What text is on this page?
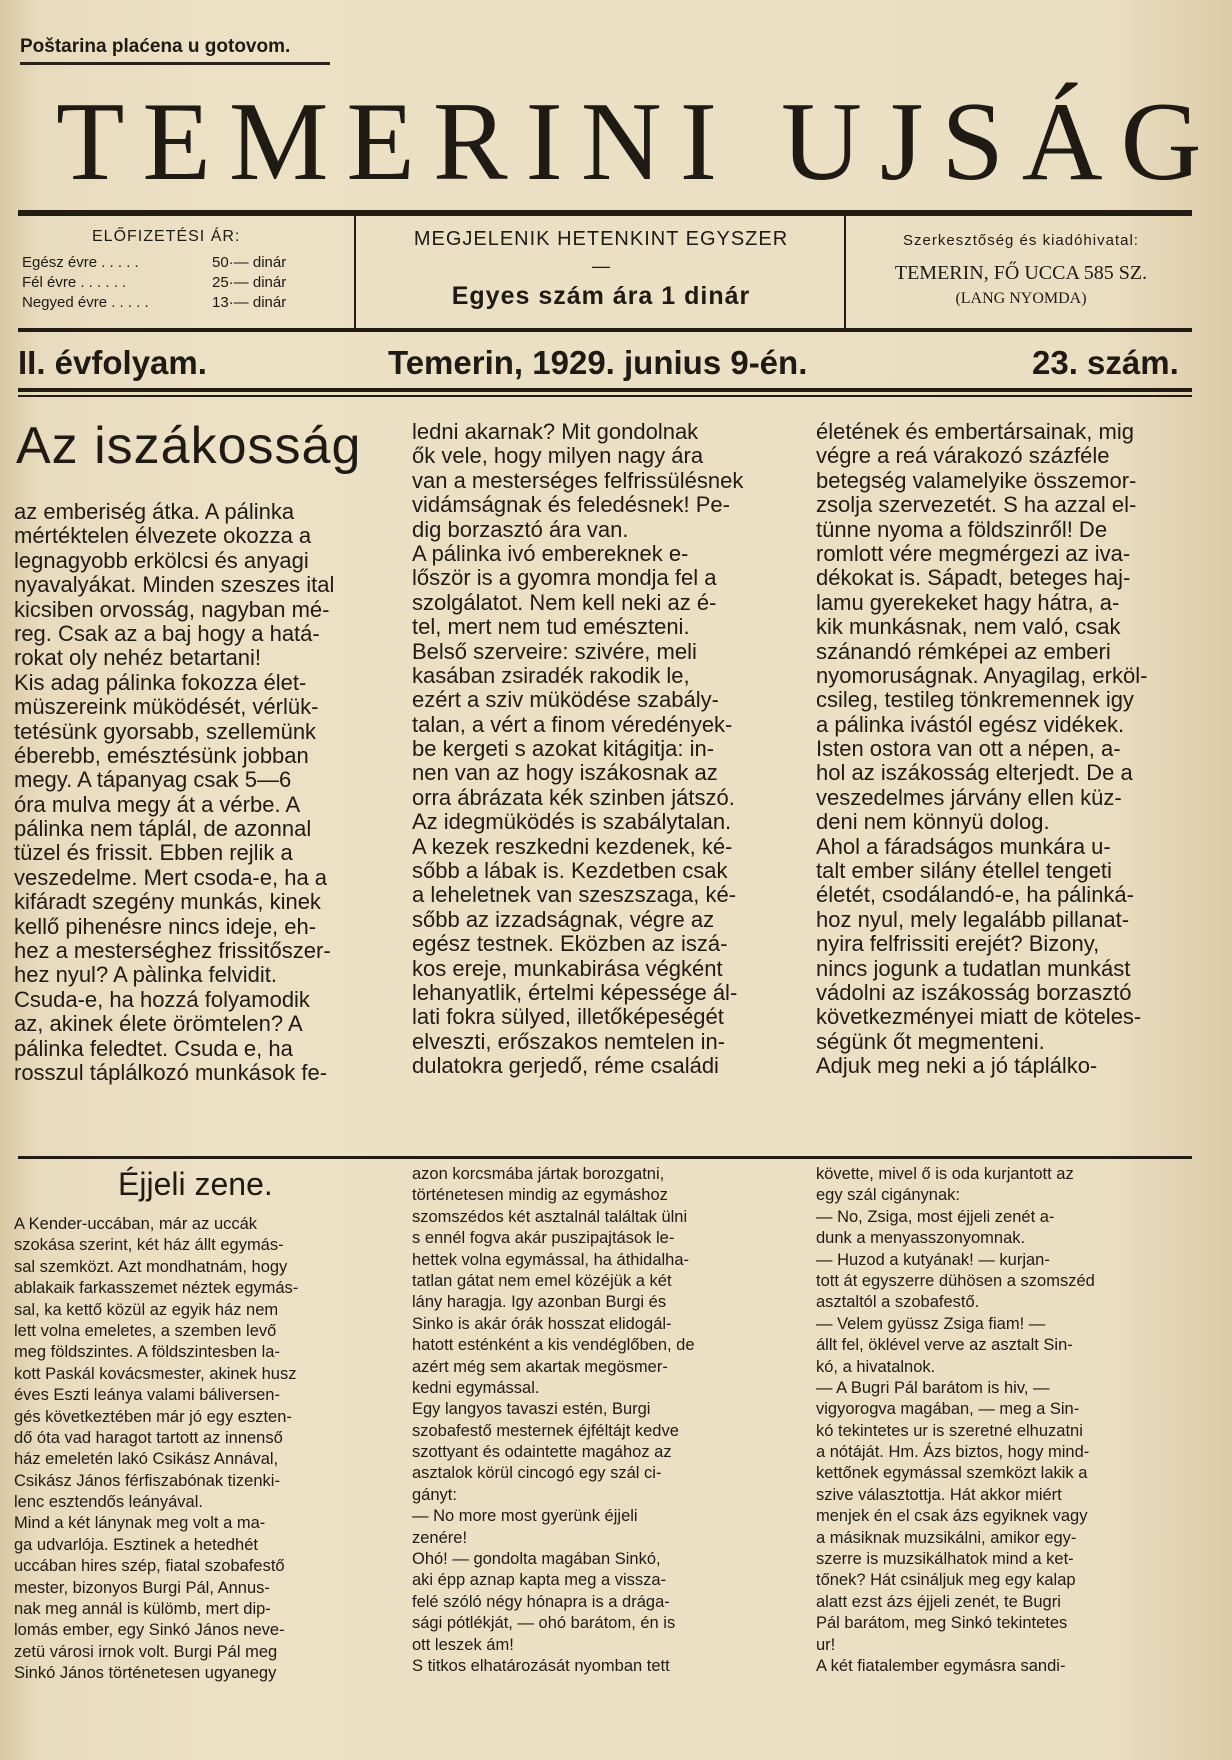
Poštarina plaćena u gotovom.
TEMERINI UJSÁG
ELŐFIZETÉSI ÁR:
Egész évre . . . . .	50·— dinár
Fél évre . . . . . .	25·— dinár
Negyed évre . . . . .	13·— dinár
MEGJELENIK HETENKINT EGYSZER
—
Egyes szám ára 1 dinár
Szerkesztőség és kiadóhivatal:
TEMERIN, FŐ UCCA 585 SZ.
(LANG NYOMDA)
II. évfolyam.	Temerin, 1929. junius 9-én.	23. szám.
Az iszákosság
az emberiség átka. A pálinka
mértéktelen élvezete okozza a
legnagyobb erkölcsi és anyagi
nyavalyákat. Minden szeszes ital
kicsiben orvosság, nagyban mé-
reg. Csak az a baj hogy a hatá-
rokat oly nehéz betartani!
Kis adag pálinka fokozza élet-
müszereink müködését, vérlük-
tetésünk gyorsabb, szellemünk
éberebb, emésztésünk jobban
megy. A tápanyag csak 5—6
óra mulva megy át a vérbe. A
pálinka nem táplál, de azonnal
tüzel és frissit. Ebben rejlik a
veszedelme. Mert csoda-e, ha a
kifáradt szegény munkás, kinek
kellő pihenésre nincs ideje, eh-
hez a mesterséghez frissitőszer-
hez nyul? A pàlinka felvidit.
Csuda-e, ha hozzá folyamodik
az, akinek élete örömtelen? A
pálinka feledtet. Csuda e, ha
rosszul táplálkozó munkások fe-
ledni akarnak? Mit gondolnak
ők vele, hogy milyen nagy ára
van a mesterséges felfrissülésnek
vidámságnak és feledésnek! Pe-
dig borzasztó ára van.
A pálinka ivó embereknek e-
lőször is a gyomra mondja fel a
szolgálatot. Nem kell neki az é-
tel, mert nem tud emészteni.
Belső szerveire: szivére, meli
kasában zsiradék rakodik le,
ezért a sziv müködése szabály-
talan, a vért a finom véredények-
be kergeti s azokat kitágitja: in-
nen van az hogy iszákosnak az
orra ábrázata kék szinben játszó.
Az idegmüködés is szabálytalan.
A kezek reszkedni kezdenek, ké-
sőbb a lábak is. Kezdetben csak
a leheletnek van szeszszaga, ké-
sőbb az izzadságnak, végre az
egész testnek. Eközben az iszá-
kos ereje, munkabirása végként
lehanyatlik, értelmi képessége ál-
lati fokra sülyed, illetőképeségét
elveszti, erőszakos nemtelen in-
dulatokra gerjedő, réme családi
életének és embertársainak, mig
végre a reá várakozó százféle
betegség valamelyike összemor-
zsolja szervezetét. S ha azzal el-
tünne nyoma a földszinről! De
romlott vére megmérgezi az iva-
dékokat is. Sápadt, beteges haj-
lamu gyerekeket hagy hátra, a-
kik munkásnak, nem való, csak
szánandó rémképei az emberi
nyomoruságnak. Anyagilag, erköl-
csileg, testileg tönkremennek igy
a pálinka ivástól egész vidékek.
Isten ostora van ott a népen, a-
hol az iszákosság elterjedt. De a
veszedelmes járvány ellen küz-
deni nem könnyü dolog.
Ahol a fáradságos munkára u-
talt ember silány étellel tengeti
életét, csodálandó-e, ha pálinká-
hoz nyul, mely legalább pillanat-
nyira felfrissiti erejét? Bizony,
nincs jogunk a tudatlan munkást
vádolni az iszákosság borzasztó
következményei miatt de köteles-
ségünk őt megmenteni.
Adjuk meg neki a jó táplálko-
Éjjeli zene.
A Kender-uccában, már az uccák
szokása szerint, két ház állt egymás-
sal szemközt. Azt mondhatnám, hogy
ablakaik farkasszemet néztek egymás-
sal, ka kettő közül az egyik ház nem
lett volna emeletes, a szemben levő
meg földszintes. A földszintesben la-
kott Paskál kovácsmester, akinek husz
éves Eszti leánya valami báliversen-
gés következtében már jó egy eszten-
dő óta vad haragot tartott az innenső
ház emeletén lakó Csikász Annával,
Csikász János férfiszabónak tizenki-
lenc esztendős leányával.
Mind a két lánynak meg volt a ma-
ga udvarlója. Esztinek a hetedhét
uccában hires szép, fiatal szobafestő
mester, bizonyos Burgi Pál, Annus-
nak meg annál is külömb, mert dip-
lomás ember, egy Sinkó János neve-
zetü városi irnok volt. Burgi Pál meg
Sinkó János történetesen ugyanegy
azon korcsmába jártak borozgatni,
történetesen mindig az egymáshoz
szomszédos két asztalnál találtak ülni
s ennél fogva akár puszipajtások le-
hettek volna egymással, ha áthidalha-
tatlan gátat nem emel közéjük a két
lány haragja. Igy azonban Burgi és
Sinko is akár órák hosszat elidogál-
hatott esténként a kis vendéglőben, de
azért még sem akartak megösmer-
kedni egymással.
Egy langyos tavaszi estén, Burgi
szobafestő mesternek éjféltájt kedve
szottyant és odaintette magához az
asztalok körül cincogó egy szál ci-
gányt:
— No more most gyerünk éjjeli
zenére!
Ohó! — gondolta magában Sinkó,
aki épp aznap kapta meg a vissza-
felé szóló négy hónapra is a drága-
sági pótlékját, — ohó barátom, én is
ott leszek ám!
S titkos elhatározását nyomban tett
követte, mivel ő is oda kurjantott az
egy szál cigánynak:
— No, Zsiga, most éjjeli zenét a-
dunk a menyasszonyomnak.
— Huzod a kutyának! — kurjan-
tott át egyszerre dühösen a szomszéd
asztaltól a szobafestő.
— Velem gyüssz Zsiga fiam! —
állt fel, öklével verve az asztalt Sin-
kó, a hivatalnok.
— A Bugri Pál barátom is hiv, —
vigyorogva magában, — meg a Sin-
kó tekintetes ur is szeretné elhuzatni
a nótáját. Hm. Ázs biztos, hogy mind-
kettőnek egymással szemközt lakik a
szive választottja. Hát akkor miért
menjek én el csak ázs egyiknek vagy
a másiknak muzsikálni, amikor egy-
szerre is muzsikálhatok mind a ket-
tőnek? Hát csináljuk meg egy kalap
alatt ezst ázs éjjeli zenét, te Bugri
Pál barátom, meg Sinkó tekintetes
ur!
A két fiatalember egymásra sandi-
